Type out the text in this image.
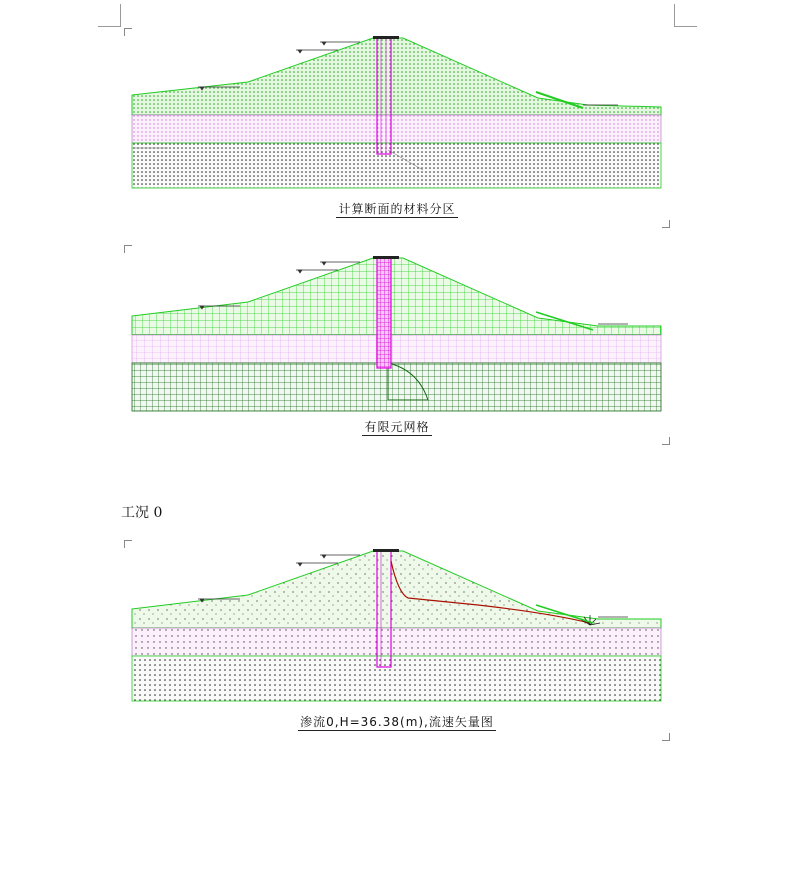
计算断面的材料分区
有限元网格
工况 0
渗流0,H=36.38(m),流速矢量图
